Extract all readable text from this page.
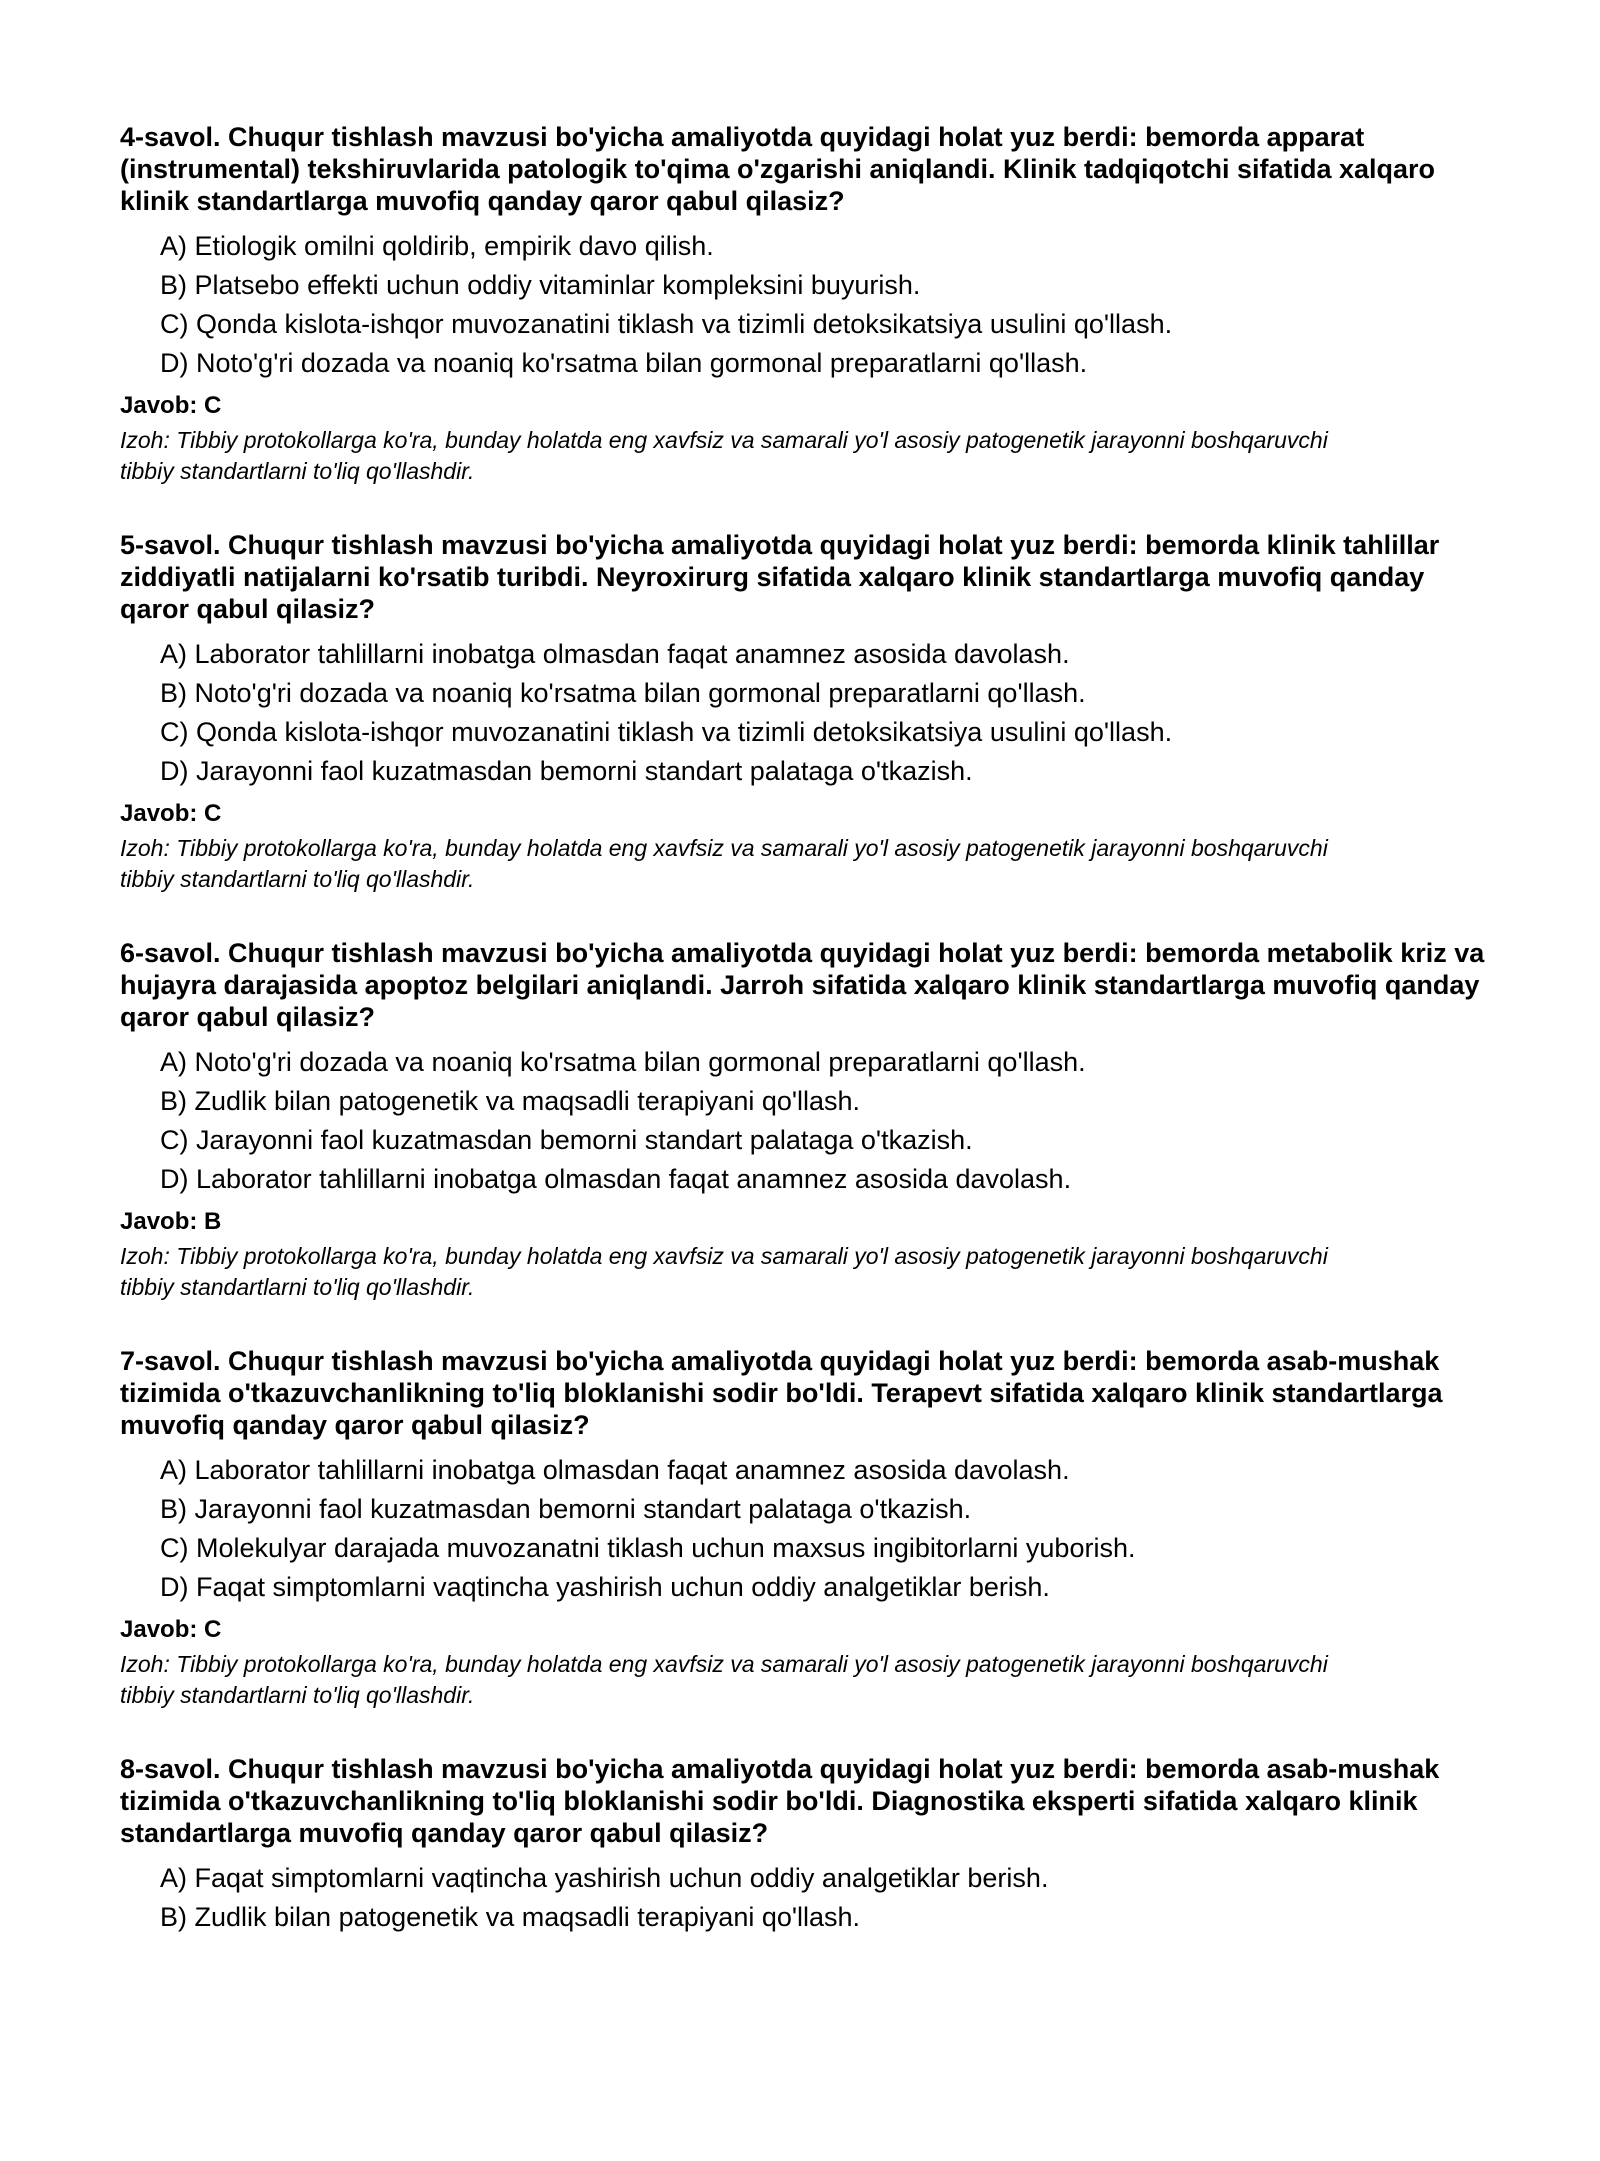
4-savol. Chuqur tishlash mavzusi bo'yicha amaliyotda quyidagi holat yuz berdi: bemorda apparat (instrumental) tekshiruvlarida patologik to'qima o'zgarishi aniqlandi. Klinik tadqiqotchi sifatida xalqaro klinik standartlarga muvofiq qanday qaror qabul qilasiz?

A) Etiologik omilni qoldirib, empirik davo qilish.
B) Platsebo effekti uchun oddiy vitaminlar kompleksini buyurish.
C) Qonda kislota-ishqor muvozanatini tiklash va tizimli detoksikatsiya usulini qo'llash.
D) Noto'g'ri dozada va noaniq ko'rsatma bilan gormonal preparatlarni qo'llash.

Javob: C

Izoh: Tibbiy protokollarga ko'ra, bunday holatda eng xavfsiz va samarali yo'l asosiy patogenetik jarayonni boshqaruvchi tibbiy standartlarni to'liq qo'llashdir.

5-savol. Chuqur tishlash mavzusi bo'yicha amaliyotda quyidagi holat yuz berdi: bemorda klinik tahlillar ziddiyatli natijalarni ko'rsatib turibdi. Neyroxirurg sifatida xalqaro klinik standartlarga muvofiq qanday qaror qabul qilasiz?

A) Laborator tahlillarni inobatga olmasdan faqat anamnez asosida davolash.
B) Noto'g'ri dozada va noaniq ko'rsatma bilan gormonal preparatlarni qo'llash.
C) Qonda kislota-ishqor muvozanatini tiklash va tizimli detoksikatsiya usulini qo'llash.
D) Jarayonni faol kuzatmasdan bemorni standart palataga o'tkazish.

Javob: C

Izoh: Tibbiy protokollarga ko'ra, bunday holatda eng xavfsiz va samarali yo'l asosiy patogenetik jarayonni boshqaruvchi tibbiy standartlarni to'liq qo'llashdir.

6-savol. Chuqur tishlash mavzusi bo'yicha amaliyotda quyidagi holat yuz berdi: bemorda metabolik kriz va hujayra darajasida apoptoz belgilari aniqlandi. Jarroh sifatida xalqaro klinik standartlarga muvofiq qanday qaror qabul qilasiz?

A) Noto'g'ri dozada va noaniq ko'rsatma bilan gormonal preparatlarni qo'llash.
B) Zudlik bilan patogenetik va maqsadli terapiyani qo'llash.
C) Jarayonni faol kuzatmasdan bemorni standart palataga o'tkazish.
D) Laborator tahlillarni inobatga olmasdan faqat anamnez asosida davolash.

Javob: B

Izoh: Tibbiy protokollarga ko'ra, bunday holatda eng xavfsiz va samarali yo'l asosiy patogenetik jarayonni boshqaruvchi tibbiy standartlarni to'liq qo'llashdir.

7-savol. Chuqur tishlash mavzusi bo'yicha amaliyotda quyidagi holat yuz berdi: bemorda asab-mushak tizimida o'tkazuvchanlikning to'liq bloklanishi sodir bo'ldi. Terapevt sifatida xalqaro klinik standartlarga muvofiq qanday qaror qabul qilasiz?

A) Laborator tahlillarni inobatga olmasdan faqat anamnez asosida davolash.
B) Jarayonni faol kuzatmasdan bemorni standart palataga o'tkazish.
C) Molekulyar darajada muvozanatni tiklash uchun maxsus ingibitorlarni yuborish.
D) Faqat simptomlarni vaqtincha yashirish uchun oddiy analgetiklar berish.

Javob: C

Izoh: Tibbiy protokollarga ko'ra, bunday holatda eng xavfsiz va samarali yo'l asosiy patogenetik jarayonni boshqaruvchi tibbiy standartlarni to'liq qo'llashdir.

8-savol. Chuqur tishlash mavzusi bo'yicha amaliyotda quyidagi holat yuz berdi: bemorda asab-mushak tizimida o'tkazuvchanlikning to'liq bloklanishi sodir bo'ldi. Diagnostika eksperti sifatida xalqaro klinik standartlarga muvofiq qanday qaror qabul qilasiz?

A) Faqat simptomlarni vaqtincha yashirish uchun oddiy analgetiklar berish.
B) Zudlik bilan patogenetik va maqsadli terapiyani qo'llash.
